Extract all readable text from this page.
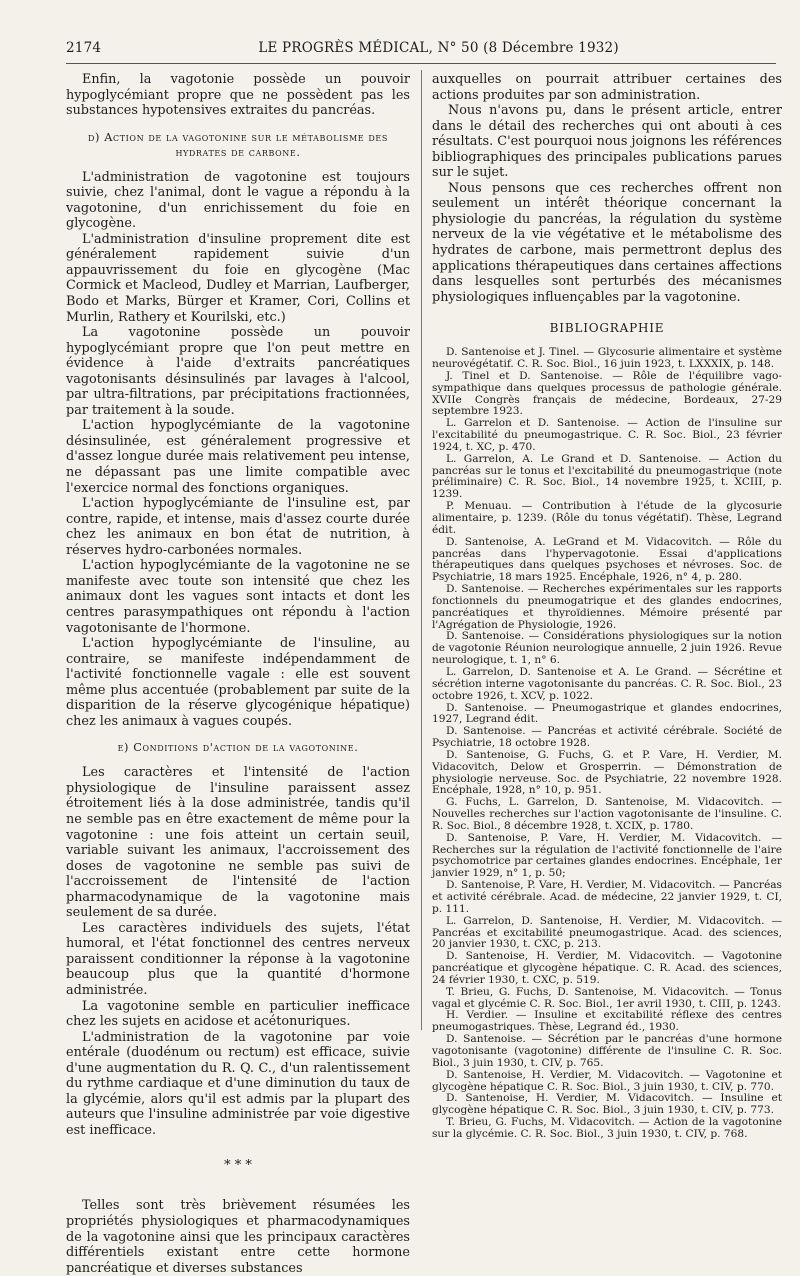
2174	LE PROGRÈS MÉDICAL, N° 50 (8 Décembre 1932)

Enfin, la vagotonie possède un pouvoir hypoglycémiant propre que ne possèdent pas les substances hypotensives extraites du pancréas.

d) Action de la vagotonine sur le métabolisme des hydrates de carbone.

L'administration de vagotonine est toujours suivie, chez l'animal, dont le vague a répondu à la vagotonine, d'un enrichissement du foie en glycogène.

L'administration d'insuline proprement dite est généralement rapidement suivie d'un appauvrissement du foie en glycogène (Mac Cormick et Macleod, Dudley et Marrian, Laufberger, Bodo et Marks, Bürger et Kramer, Cori, Collins et Murlin, Rathery et Kourilski, etc.)

La vagotonine possède un pouvoir hypoglycémiant propre que l'on peut mettre en évidence à l'aide d'extraits pancréatiques vagotonisants désinsulinés par lavages à l'alcool, par ultra-filtrations, par précipitations fractionnées, par traitement à la soude.

L'action hypoglycémiante de la vagotonine désinsulinée, est généralement progressive et d'assez longue durée mais relativement peu intense, ne dépassant pas une limite compatible avec l'exercice normal des fonctions organiques.

L'action hypoglycémiante de l'insuline est, par contre, rapide, et intense, mais d'assez courte durée chez les animaux en bon état de nutrition, à réserves hydro-carbonées normales.

L'action hypoglycémiante de la vagotonine ne se manifeste avec toute son intensité que chez les animaux dont les vagues sont intacts et dont les centres parasympathiques ont répondu à l'action vagotonisante de l'hormone.

L'action hypoglycémiante de l'insuline, au contraire, se manifeste indépendamment de l'activité fonctionnelle vagale : elle est souvent même plus accentuée (probablement par suite de la disparition de la réserve glycogénique hépatique) chez les animaux à vagues coupés.

e) Conditions d'action de la vagotonine.

Les caractères et l'intensité de l'action physiologique de l'insuline paraissent assez étroitement liés à la dose administrée, tandis qu'il ne semble pas en être exactement de même pour la vagotonine : une fois atteint un certain seuil, variable suivant les animaux, l'accroissement des doses de vagotonine ne semble pas suivi de l'accroissement de l'intensité de l'action pharmacodynamique de la vagotonine mais seulement de sa durée.

Les caractères individuels des sujets, l'état humoral, et l'état fonctionnel des centres nerveux paraissent conditionner la réponse à la vagotonine beaucoup plus que la quantité d'hormone administrée.

La vagotonine semble en particulier inefficace chez les sujets en acidose et acétonuriques.

L'administration de la vagotonine par voie entérale (duodénum ou rectum) est efficace, suivie d'une augmentation du R. Q. C., d'un ralentissement du rythme cardiaque et d'une diminution du taux de la glycémie, alors qu'il est admis par la plupart des auteurs que l'insuline administrée par voie digestive est inefficace.

* * *

Telles sont très brièvement résumées les propriétés physiologiques et pharmacodynamiques de la vagotonine ainsi que les principaux caractères différentiels existant entre cette hormone pancréatique et diverses substances

auxquelles on pourrait attribuer certaines des actions produites par son administration.

Nous n'avons pu, dans le présent article, entrer dans le détail des recherches qui ont abouti à ces résultats. C'est pourquoi nous joignons les références bibliographiques des principales publications parues sur le sujet.

Nous pensons que ces recherches offrent non seulement un intérêt théorique concernant la physiologie du pancréas, la régulation du système nerveux de la vie végétative et le métabolisme des hydrates de carbone, mais permettront deplus des applications thérapeutiques dans certaines affections dans lesquelles sont perturbés des mécanismes physiologiques influençables par la vagotonine.

BIBLIOGRAPHIE

D. Santenoise et J. Tinel. — Glycosurie alimentaire et système neurovégétatif. C. R. Soc. Biol., 16 juin 1923, t. LXXXIX, p. 148.

J. Tinel et D. Santenoise. — Rôle de l'équilibre vago-sympathique dans quelques processus de pathologie générale. XVIIe Congrès français de médecine, Bordeaux, 27-29 septembre 1923.

L. Garrelon et D. Santenoise. — Action de l'insuline sur l'excitabilité du pneumogastrique. C. R. Soc. Biol., 23 février 1924, t. XC, p. 470.

L. Garrelon, A. Le Grand et D. Santenoise. — Action du pancréas sur le tonus et l'excitabilité du pneumogastrique (note préliminaire) C. R. Soc. Biol., 14 novembre 1925, t. XCIII, p. 1239.

P. Menuau. — Contribution à l'étude de la glycosurie alimentaire, p. 1239. (Rôle du tonus végétatif). Thèse, Legrand édit.

D. Santenoise, A. LeGrand et M. Vidacovitch. — Rôle du pancréas dans l'hypervagotonie. Essai d'applications thérapeutiques dans quelques psychoses et névroses. Soc. de Psychiatrie, 18 mars 1925. Encéphale, 1926, n° 4, p. 280.

D. Santenoise. — Recherches expérimentales sur les rapports fonctionnels du pneumogatrique et des glandes endocrines, pancréatiques et thyroïdiennes. Mémoire présenté par l'Agrégation de Physiologie, 1926.

D. Santenoise. — Considérations physiologiques sur la notion de vagotonie Réunion neurologique annuelle, 2 juin 1926. Revue neurologique, t. 1, n° 6.

L. Garrelon, D. Santenoise et A. Le Grand. — Sécrétine et sécrétion interne vagotonisante du pancréas. C. R. Soc. Biol., 23 octobre 1926, t. XCV, p. 1022.

D. Santenoise. — Pneumogastrique et glandes endocrines, 1927, Legrand édit.

D. Santenoise. — Pancréas et activité cérébrale. Société de Psychiatrie, 18 octobre 1928.

D. Santenoise, G. Fuchs, G. et P. Vare, H. Verdier, M. Vidacovitch, Delow et Grosperrin. — Démonstration de physiologie nerveuse. Soc. de Psychiatrie, 22 novembre 1928. Encéphale, 1928, n° 10, p. 951.

G. Fuchs, L. Garrelon, D. Santenoise, M. Vidacovitch. — Nouvelles recherches sur l'action vagotonisante de l'insuline. C. R. Soc. Biol., 8 décembre 1928, t. XCIX, p. 1780.

D. Santenoise, P. Vare, H. Verdier, M. Vidacovitch. — Recherches sur la régulation de l'activité fonctionnelle de l'aire psychomotrice par certaines glandes endocrines. Encéphale, 1er janvier 1929, n° 1, p. 50;

D. Santenoise, P. Vare, H. Verdier, M. Vidacovitch. — Pancréas et activité cérébrale. Acad. de médecine, 22 janvier 1929, t. CI, p. 111.

L. Garrelon, D. Santenoise, H. Verdier, M. Vidacovitch. — Pancréas et excitabilité pneumogastrique. Acad. des sciences, 20 janvier 1930, t. CXC, p. 213.

D. Santenoise, H. Verdier, M. Vidacovitch. — Vagotonine pancréatique et glycogène hépatique. C. R. Acad. des sciences, 24 février 1930, t. CXC, p. 519.

T. Brieu, G. Fuchs, D. Santenoise, M. Vidacovitch. — Tonus vagal et glycémie C. R. Soc. Biol., 1er avril 1930, t. CIII, p. 1243.

H. Verdier. — Insuline et excitabilité réflexe des centres pneumogastriques. Thèse, Legrand éd., 1930.

D. Santenoise. — Sécrétion par le pancréas d'une hormone vagotonisante (vagotonine) différente de l'insuline C. R. Soc. Biol., 3 juin 1930, t. CIV, p. 765.

D. Santenoise, H. Verdier, M. Vidacovitch. — Vagotonine et glycogène hépatique C. R. Soc. Biol., 3 juin 1930, t. CIV, p. 770.

D. Santenoise, H. Verdier, M. Vidacovitch. — Insuline et glycogène hépatique C. R. Soc. Biol., 3 juin 1930, t. CIV, p. 773.

T. Brieu, G. Fuchs, M. Vidacovitch. — Action de la vagotonine sur la glycémie. C. R. Soc. Biol., 3 juin 1930, t. CIV, p. 768.
